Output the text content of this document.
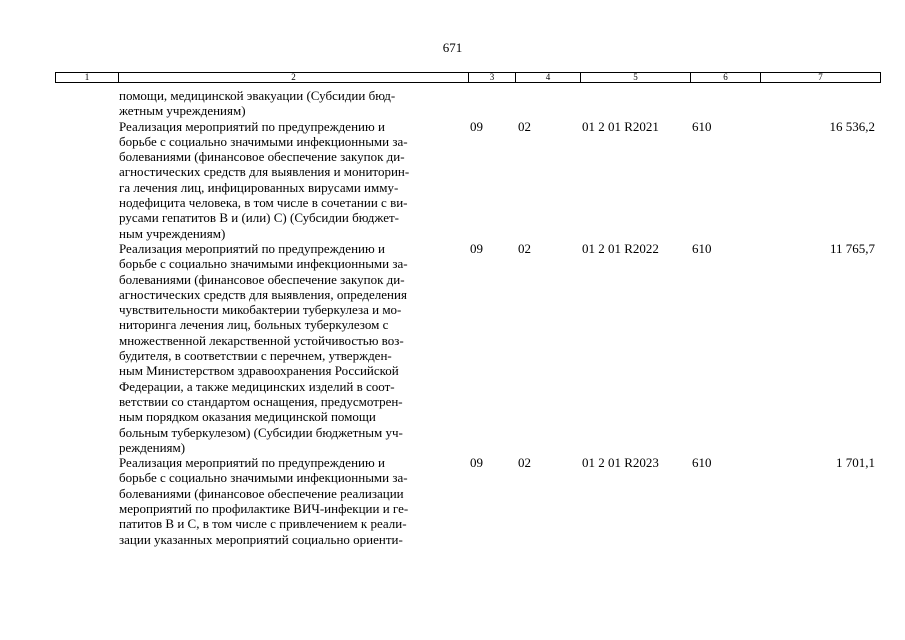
671
1	2	3	4	5	6	7
помощи, медицинской эвакуации (Субсидии бюд-
жетным учреждениям)
Реализация мероприятий по предупреждению и
борьбе с социально значимыми инфекционными за-
болеваниями (финансовое обеспечение закупок ди-
агностических средств для выявления и мониторин-
га лечения лиц, инфицированных вирусами имму-
нодефицита человека, в том числе в сочетании с ви-
русами гепатитов В и (или) С) (Субсидии бюджет-
ным учреждениям)
09	02	01 2 01 R2021	610	16 536,2
Реализация мероприятий по предупреждению и
борьбе с социально значимыми инфекционными за-
болеваниями (финансовое обеспечение закупок ди-
агностических средств для выявления, определения
чувствительности микобактерии туберкулеза и мо-
ниторинга лечения лиц, больных туберкулезом с
множественной лекарственной устойчивостью воз-
будителя, в соответствии с перечнем, утвержден-
ным Министерством здравоохранения Российской
Федерации, а также медицинских изделий в соот-
ветствии со стандартом оснащения, предусмотрен-
ным порядком оказания медицинской помощи
больным туберкулезом) (Субсидии бюджетным уч-
реждениям)
09	02	01 2 01 R2022	610	11 765,7
Реализация мероприятий по предупреждению и
борьбе с социально значимыми инфекционными за-
болеваниями (финансовое обеспечение реализации
мероприятий по профилактике ВИЧ-инфекции и ге-
патитов В и С, в том числе с привлечением к реали-
зации указанных мероприятий социально ориенти-
09	02	01 2 01 R2023	610	1 701,1
